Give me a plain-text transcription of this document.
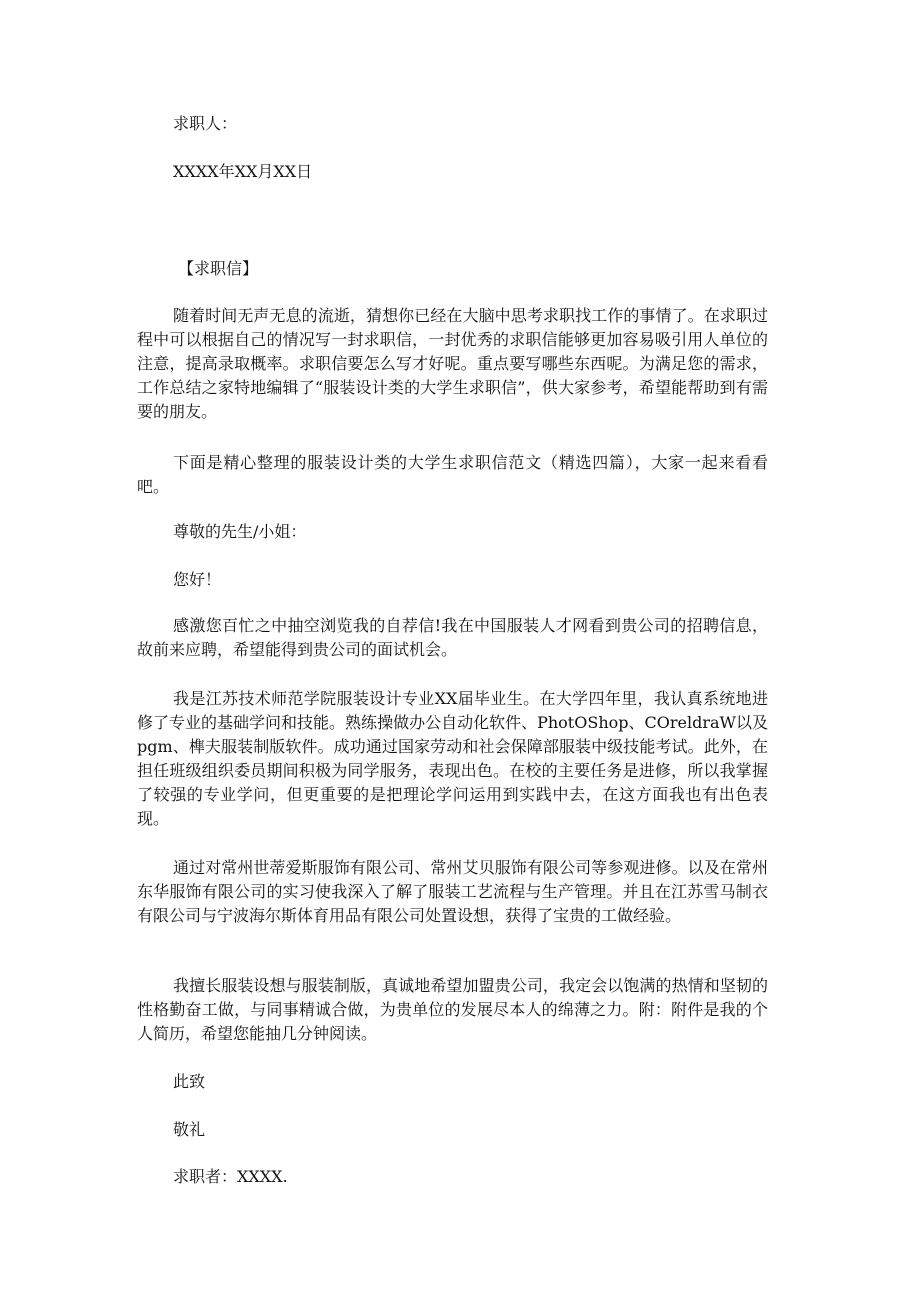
求职人：
XXXX年XX月XX日
【求职信】

随着时间无声无息的流逝，猜想你已经在大脑中思考求职找工作的事情了。在求职过程中可以根据自己的情况写一封求职信，一封优秀的求职信能够更加容易吸引用人单位的注意，提高录取概率。求职信要怎么写才好呢。重点要写哪些东西呢。为满足您的需求，工作总结之家特地编辑了“服装设计类的大学生求职信”，供大家参考，希望能帮助到有需要的朋友。

下面是精心整理的服装设计类的大学生求职信范文（精选四篇），大家一起来看看吧。

尊敬的先生/小姐：
您好！

感激您百忙之中抽空浏览我的自荐信!我在中国服装人才网看到贵公司的招聘信息，故前来应聘，希望能得到贵公司的面试机会。

我是江苏技术师范学院服装设计专业XX届毕业生。在大学四年里，我认真系统地进修了专业的基础学问和技能。熟练操做办公自动化软件、PhotOShop、COreldraW以及pgm、榫夫服装制版软件。成功通过国家劳动和社会保障部服装中级技能考试。此外，在担任班级组织委员期间积极为同学服务，表现出色。在校的主要任务是进修，所以我掌握了较强的专业学问，但更重要的是把理论学问运用到实践中去，在这方面我也有出色表现。

通过对常州世蒂爱斯服饰有限公司、常州艾贝服饰有限公司等参观进修。以及在常州东华服饰有限公司的实习使我深入了解了服装工艺流程与生产管理。并且在江苏雪马制衣有限公司与宁波海尔斯体育用品有限公司处置设想，获得了宝贵的工做经验。

我擅长服装设想与服装制版，真诚地希望加盟贵公司，我定会以饱满的热情和坚韧的性格勤奋工做，与同事精诚合做，为贵单位的发展尽本人的绵薄之力。附：附件是我的个人简历，希望您能抽几分钟阅读。

此致
敬礼
求职者：XXXX.
